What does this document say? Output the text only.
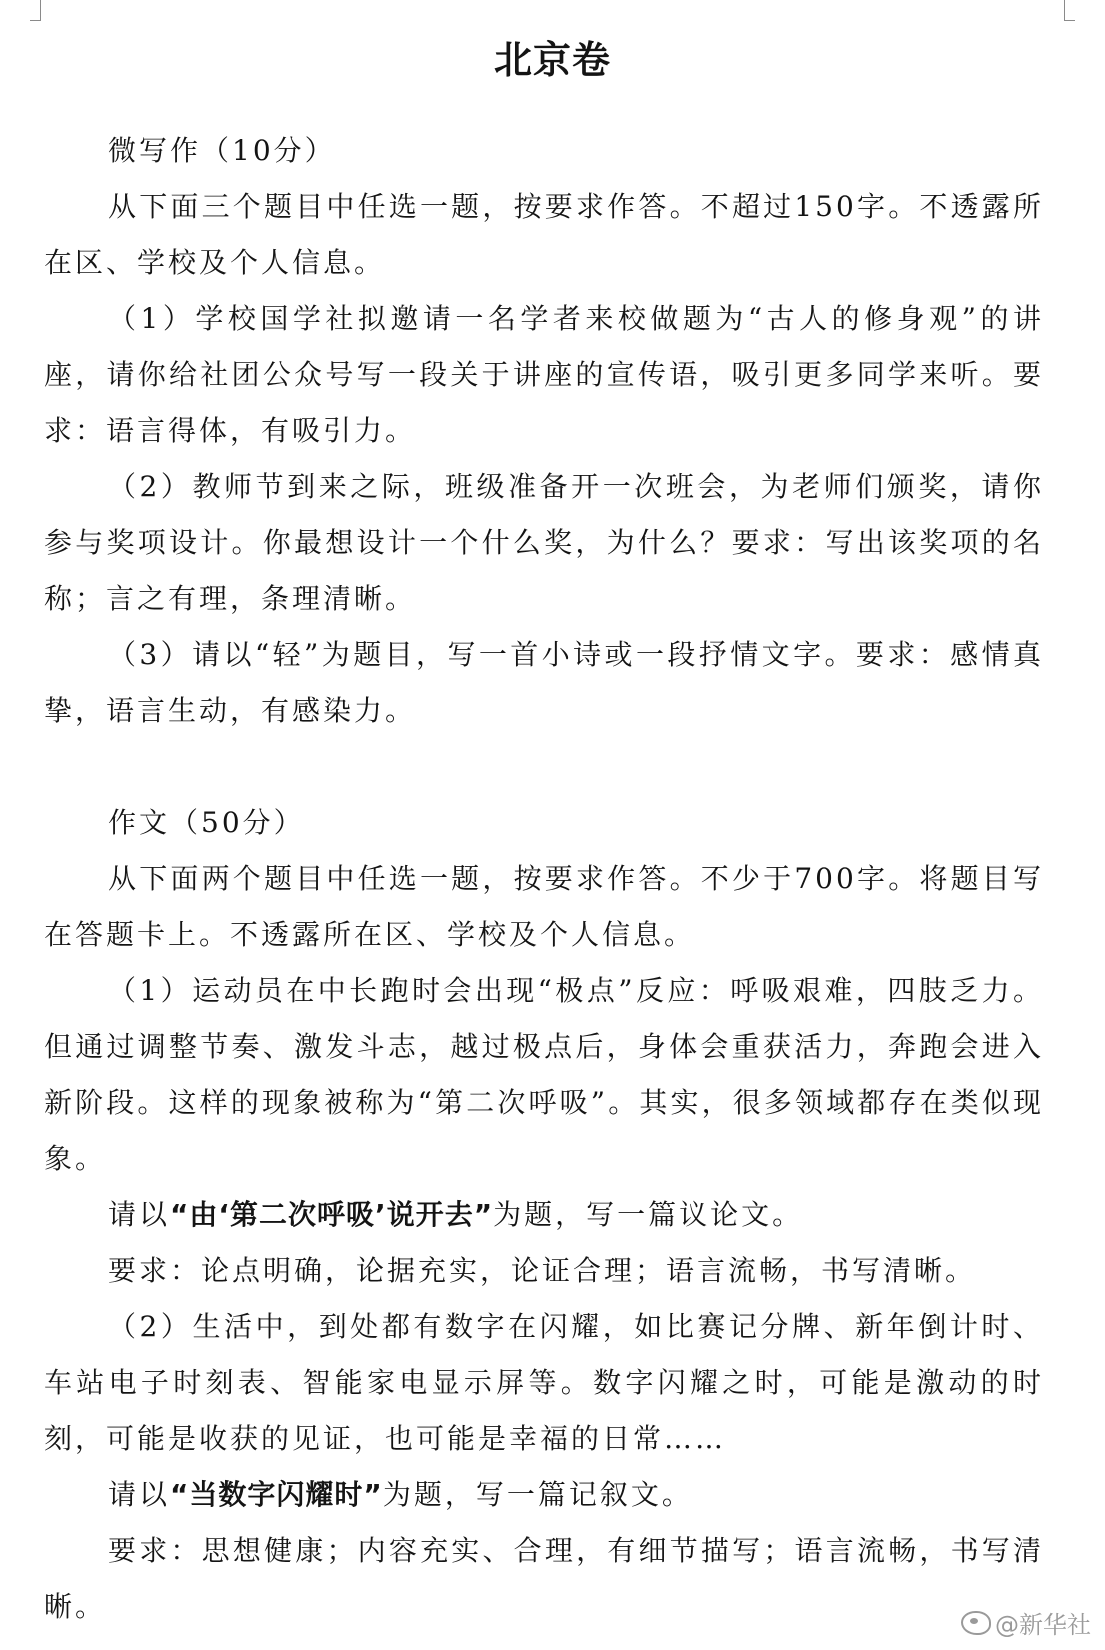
北京卷

微写作（10分）

从下面三个题目中任选一题，按要求作答。不超过150字。不透露所在区、学校及个人信息。

（1）学校国学社拟邀请一名学者来校做题为“古人的修身观”的讲座，请你给社团公众号写一段关于讲座的宣传语，吸引更多同学来听。要求：语言得体，有吸引力。

（2）教师节到来之际，班级准备开一次班会，为老师们颁奖，请你参与奖项设计。你最想设计一个什么奖，为什么？要求：写出该奖项的名称；言之有理，条理清晰。

（3）请以“轻”为题目，写一首小诗或一段抒情文字。要求：感情真挚，语言生动，有感染力。

作文（50分）

从下面两个题目中任选一题，按要求作答。不少于700字。将题目写在答题卡上。不透露所在区、学校及个人信息。

（1）运动员在中长跑时会出现“极点”反应：呼吸艰难，四肢乏力。但通过调整节奏、激发斗志，越过极点后，身体会重获活力，奔跑会进入新阶段。这样的现象被称为“第二次呼吸”。其实，很多领域都存在类似现象。

请以“由‘第二次呼吸’说开去”为题，写一篇议论文。

要求：论点明确，论据充实，论证合理；语言流畅，书写清晰。

（2）生活中，到处都有数字在闪耀，如比赛记分牌、新年倒计时、车站电子时刻表、智能家电显示屏等。数字闪耀之时，可能是激动的时刻，可能是收获的见证，也可能是幸福的日常……

请以“当数字闪耀时”为题，写一篇记叙文。

要求：思想健康；内容充实、合理，有细节描写；语言流畅，书写清晰。

@新华社
